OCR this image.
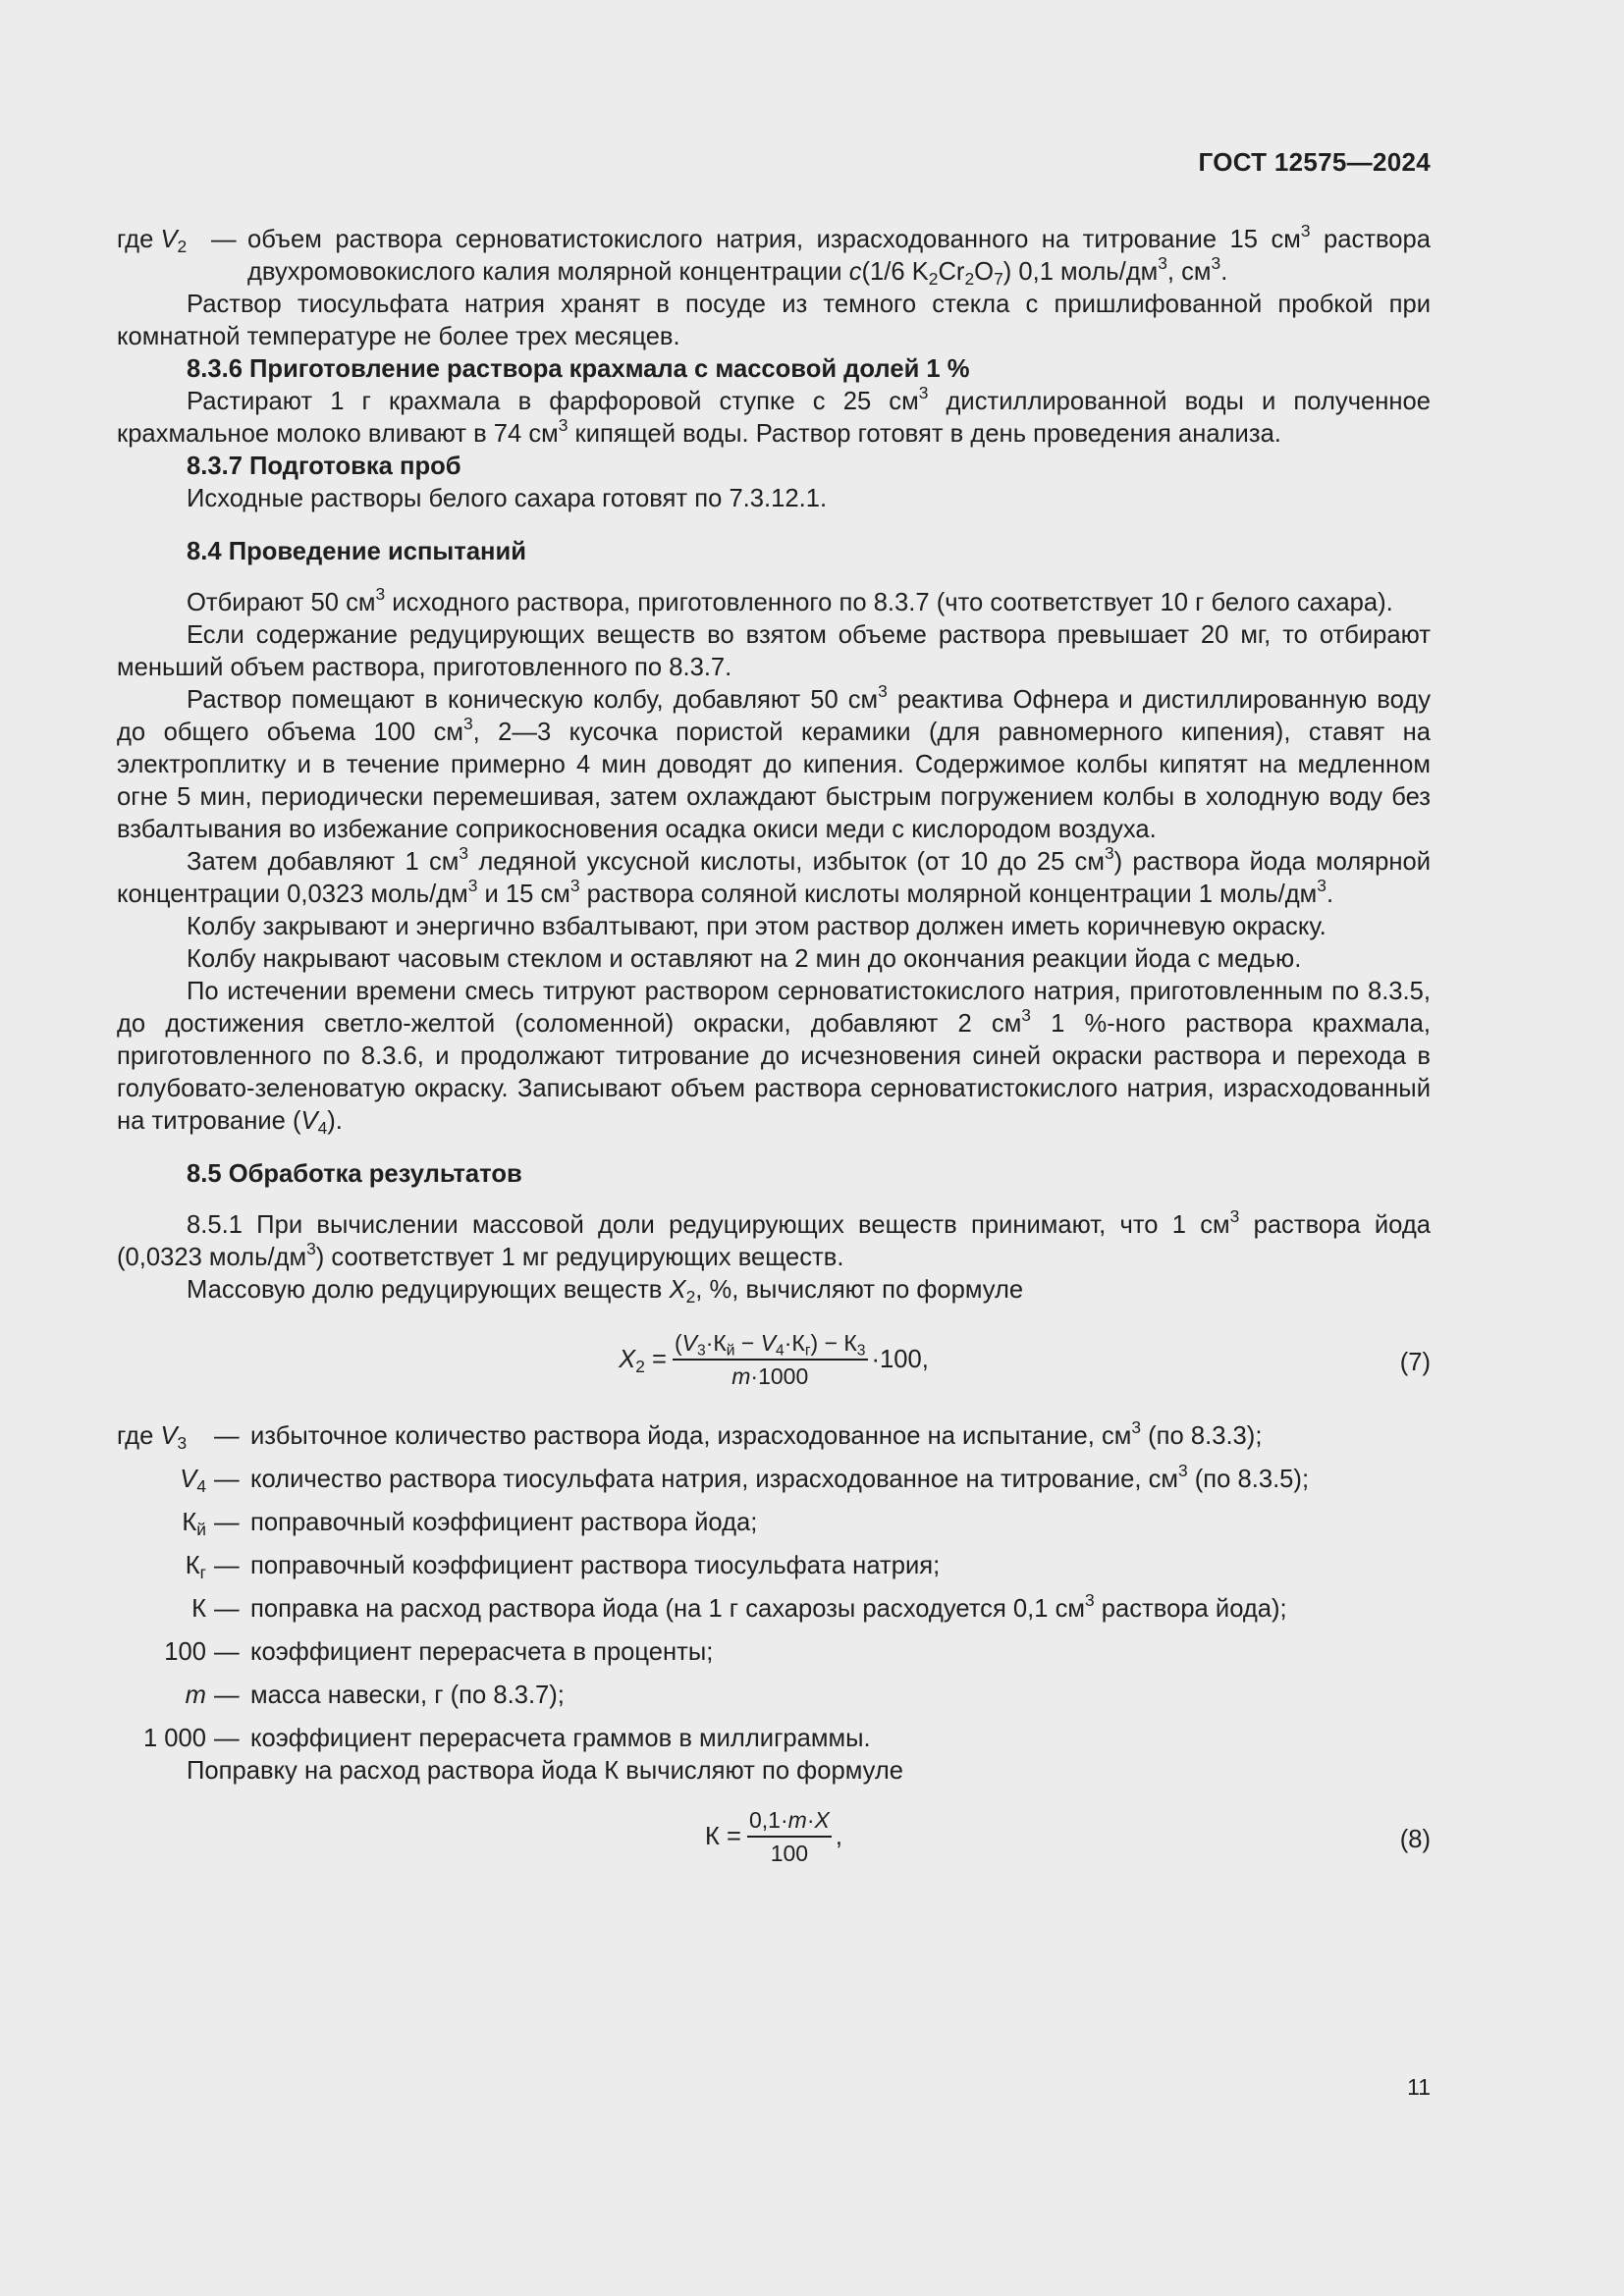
ГОСТ 12575—2024
где $V_2$ — объем раствора серноватистокислого натрия, израсходованного на титрование 15 $см^3$ раствора двухромовокислого калия молярной концентрации c(1/6 $K_2Cr_2O_7$) 0,1 моль/$дм^3$, $см^3$.

Раствор тиосульфата натрия хранят в посуде из темного стекла с пришлифованной пробкой при комнатной температуре не более трех месяцев.

8.3.6 Приготовление раствора крахмала с массовой долей 1 %

Растирают 1 г крахмала в фарфоровой ступке с 25 $см^3$ дистиллированной воды и полученное крахмальное молоко вливают в 74 $см^3$ кипящей воды. Раствор готовят в день проведения анализа.

8.3.7 Подготовка проб

Исходные растворы белого сахара готовят по 7.3.12.1.

8.4 Проведение испытаний

Отбирают 50 $см^3$ исходного раствора, приготовленного по 8.3.7 (что соответствует 10 г белого сахара).

Если содержание редуцирующих веществ во взятом объеме раствора превышает 20 мг, то отбирают меньший объем раствора, приготовленного по 8.3.7.

Раствор помещают в коническую колбу, добавляют 50 $см^3$ реактива Офнера и дистиллированную воду до общего объема 100 $см^3$, 2—3 кусочка пористой керамики (для равномерного кипения), ставят на электроплитку и в течение примерно 4 мин доводят до кипения. Содержимое колбы кипятят на медленном огне 5 мин, периодически перемешивая, затем охлаждают быстрым погружением колбы в холодную воду без взбалтывания во избежание соприкосновения осадка окиси меди с кислородом воздуха.

Затем добавляют 1 $см^3$ ледяной уксусной кислоты, избыток (от 10 до 25 $см^3$) раствора йода молярной концентрации 0,0323 моль/$дм^3$ и 15 $см^3$ раствора соляной кислоты молярной концентрации 1 моль/$дм^3$.

Колбу закрывают и энергично взбалтывают, при этом раствор должен иметь коричневую окраску.

Колбу накрывают часовым стеклом и оставляют на 2 мин до окончания реакции йода с медью.

По истечении времени смесь титруют раствором серноватистокислого натрия, приготовленным по 8.3.5, до достижения светло-желтой (соломенной) окраски, добавляют 2 $см^3$ 1 %-ного раствора крахмала, приготовленного по 8.3.6, и продолжают титрование до исчезновения синей окраски раствора и перехода в голубовато-зеленоватую окраску. Записывают объем раствора серноватистокислого натрия, израсходованный на титрование $(V_4)$.

8.5 Обработка результатов

8.5.1 При вычислении массовой доли редуцирующих веществ принимают, что 1 $см^3$ раствора йода (0,0323 моль/$дм^3$) соответствует 1 мг редуцирующих веществ.

Массовую долю редуцирующих веществ $X_2$, %, вычисляют по формуле

$X_2 = \frac{(V_3\cdot К_й - V_4\cdot К_г) - К_3}{m\cdot 1000} \cdot 100$,	(7)
где $V_3$	— избыточное количество раствора йода, израсходованное на испытание, $см^3$ (по 8.3.3);
$V_4$ — количество раствора тиосульфата натрия, израсходованное на титрование, $см^3$ (по 8.3.5);
$К_й$ — поправочный коэффициент раствора йода;
$К_г$ — поправочный коэффициент раствора тиосульфата натрия;
К — поправка на расход раствора йода (на 1 г сахарозы расходуется 0,1 $см^3$ раствора йода);
100 — коэффициент перерасчета в проценты;
m — масса навески, г (по 8.3.7);
1 000 — коэффициент перерасчета граммов в миллиграммы.

Поправку на расход раствора йода К вычисляют по формуле

$К = \frac{0,1\cdot m\cdot X}{100}$ ,	(8)
11
